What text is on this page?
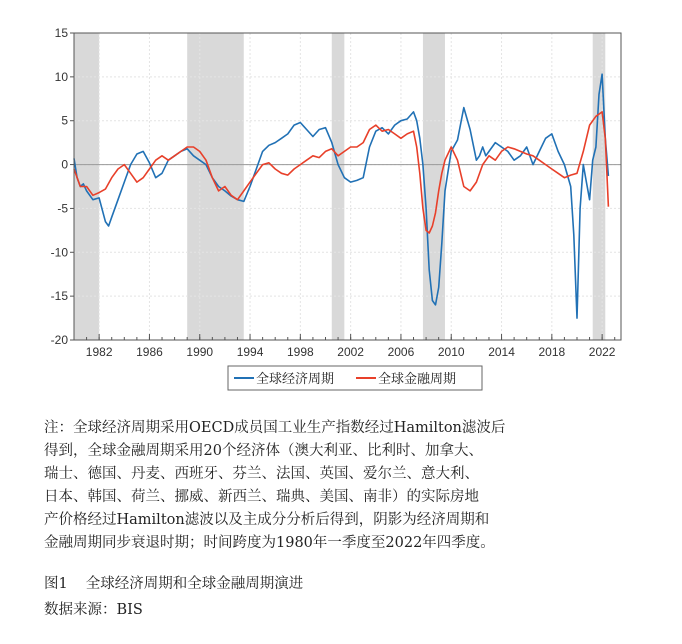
15
10
5
0
-5
-10
-15
-20
1982 1986 1990 1994 1998 2002 2006 2010 2014 2018 2022
全球经济周期	全球金融周期

注：全球经济周期采用OECD成员国工业生产指数经过Hamilton滤波后

得到，全球金融周期采用20个经济体（澳大利亚、比利时、加拿大、

瑞士、德国、丹麦、西班牙、芬兰、法国、英国、爱尔兰、意大利、

日本、韩国、荷兰、挪威、新西兰、瑞典、美国、南非）的实际房地

产价格经过Hamilton滤波以及主成分分析后得到，阴影为经济周期和

金融周期同步衰退时期；时间跨度为1980年一季度至2022年四季度。

图1 全球经济周期和全球金融周期演进
数据来源：BIS
